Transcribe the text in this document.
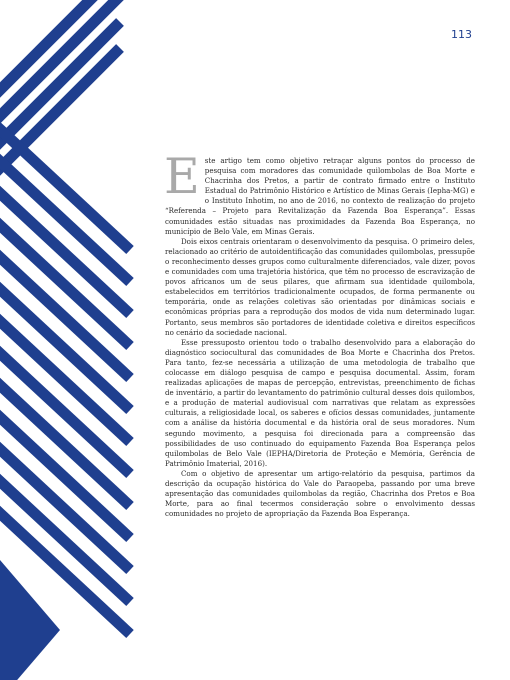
113
E ste artigo tem como objetivo retraçar alguns pontos do processo de pesquisa com moradores das comunidade quilombolas de Boa Morte e Chacrinha dos Pretos, a partir de contrato firmado entre o Instituto Estadual do Patrimônio Histórico e Artístico de Minas Gerais (Iepha-MG) e o Instituto Inhotim, no ano de 2016, no contexto de realização do projeto “Referenda – Projeto para Revitalização da Fazenda Boa Esperança”. Essas comunidades estão situadas nas proximidades da Fazenda Boa Esperança, no município de Belo Vale, em Minas Gerais.

Dois eixos centrais orientaram o desenvolvimento da pesquisa. O primeiro deles, relacionado ao critério de autoidentificação das comunidades quilombolas, pressupõe o reconhecimento desses grupos como culturalmente diferenciados, vale dizer, povos e comunidades com uma trajetória histórica, que têm no processo de escravização de povos africanos um de seus pilares, que afirmam sua identidade quilombola, estabelecidos em territórios tradicionalmente ocupados, de forma permanente ou temporária, onde as relações coletivas são orientadas por dinâmicas sociais e econômicas próprias para a reprodução dos modos de vida num determinado lugar. Portanto, seus membros são portadores de identidade coletiva e direitos específicos no cenário da sociedade nacional.

Esse pressuposto orientou todo o trabalho desenvolvido para a elaboração do diagnóstico sociocultural das comunidades de Boa Morte e Chacrinha dos Pretos. Para tanto, fez-se necessária a utilização de uma metodologia de trabalho que colocasse em diálogo pesquisa de campo e pesquisa documental. Assim, foram realizadas aplicações de mapas de percepção, entrevistas, preenchimento de fichas de inventário, a partir do levantamento do patrimônio cultural desses dois quilombos, e a produção de material audiovisual com narrativas que relatam as expressões culturais, a religiosidade local, os saberes e ofícios dessas comunidades, juntamente com a análise da história documental e da história oral de seus moradores. Num segundo movimento, a pesquisa foi direcionada para a compreensão das possibilidades de uso continuado do equipamento Fazenda Boa Esperança pelos quilombolas de Belo Vale (IEPHA/Diretoria de Proteção e Memória, Gerência de Patrimônio Imaterial, 2016).

Com o objetivo de apresentar um artigo-relatório da pesquisa, partimos da descrição da ocupação histórica do Vale do Paraopeba, passando por uma breve apresentação das comunidades quilombolas da região, Chacrinha dos Pretos e Boa Morte, para ao final tecermos consideração sobre o envolvimento dessas comunidades no projeto de apropriação da Fazenda Boa Esperança.
